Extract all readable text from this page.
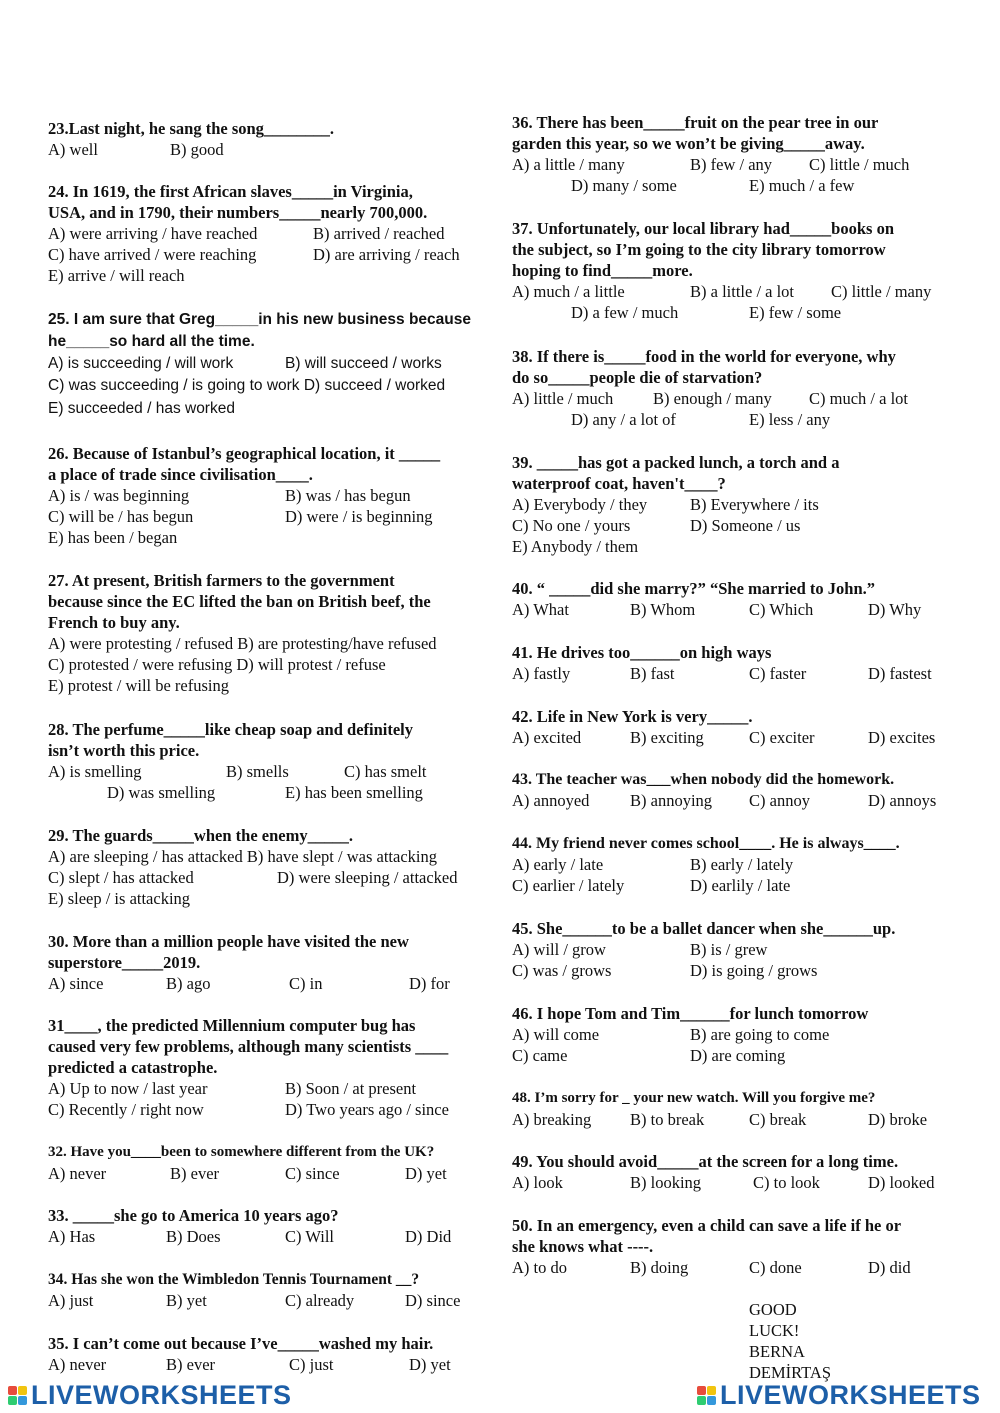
23.Last night, he sang the song________.
A) well	B) good
24. In 1619, the first African slaves_____in Virginia,
USA, and in 1790, their numbers_____nearly 700,000.
A) were arriving / have reached	B) arrived / reached
C) have arrived / were reaching	D) are arriving / reach
E) arrive / will reach
25. I am sure that Greg_____in his new business because
he_____so hard all the time.
A) is succeeding / will work	B) will succeed / works
C) was succeeding / is going to work D) succeed / worked
E) succeeded / has worked
26. Because of Istanbul’s geographical location, it _____
a place of trade since civilisation____.
A) is / was beginning	B) was / has begun
C) will be / has begun	D) were / is beginning
E) has been / began
27. At present, British farmers to the government
because since the EC lifted the ban on British beef, the
French to buy any.
A) were protesting / refused B) are protesting/have refused
C) protested / were refusing D) will protest / refuse
E) protest / will be refusing
28. The perfume_____like cheap soap and definitely
isn’t worth this price.
A) is smelling	B) smells	C) has smelt
D) was smelling	E) has been smelling
29. The guards_____when the enemy_____.
A) are sleeping / has attacked B) have slept / was attacking
C) slept / has attacked	D) were sleeping / attacked
E) sleep / is attacking
30. More than a million people have visited the new
superstore_____2019.
A) since	B) ago	C) in	D) for
31____, the predicted Millennium computer bug has
caused very few problems, although many scientists ____
predicted a catastrophe.
A) Up to now / last year	B) Soon / at present
C) Recently / right now	D) Two years ago / since
32. Have you____been to somewhere different from the UK?
A) never	B) ever	C) since	D) yet
33. _____she go to America 10 years ago?
A) Has	B) Does	C) Will	D) Did
34. Has she won the Wimbledon Tennis Tournament __?
A) just	B) yet	C) already	D) since
35. I can’t come out because I’ve_____washed my hair.
A) never	B) ever	C) just	D) yet
36. There has been_____fruit on the pear tree in our
garden this year, so we won’t be giving_____away.
A) a little / many	B) few / any C) little / much
D) many / some	E) much / a few
37. Unfortunately, our local library had_____books on
the subject, so I’m going to the city library tomorrow
hoping to find_____more.
A) much / a little	B) a little / a lot C) little / many
D) a few / much	E) few / some
38. If there is_____food in the world for everyone, why
do so_____people die of starvation?
A) little / much B) enough / many C) much / a lot
D) any / a lot of	E) less / any
39. _____has got a packed lunch, a torch and a
waterproof coat, haven't____?
A) Everybody / they	B) Everywhere / its
C) No one / yours	D) Someone / us
E) Anybody / them
40. “ _____did she marry?” “She married to John.”
A) What	B) Whom	C) Which	D) Why
41. He drives too______on high ways
A) fastly	B) fast	C) faster	D) fastest
42. Life in New York is very_____.
A) excited	B) exciting	C) exciter	D) excites
43. The teacher was___when nobody did the homework.
A) annoyed B) annoying C) annoy	D) annoys
44. My friend never comes school____. He is always____.
A) early / late	B) early / lately
C) earlier / lately	D) earlily / late
45. She______to be a ballet dancer when she______up.
A) will / grow	B) is / grew
C) was / grows	D) is going / grows
46. I hope Tom and Tim______for lunch tomorrow
A) will come	B) are going to come
C) came	D) are coming
48. I’m sorry for _ your new watch. Will you forgive me?
A) breaking B) to break	C) break	D) broke
49. You should avoid_____at the screen for a long time.
A) look	B) looking	C) to look	D) looked
50. In an emergency, even a child can save a life if he or
she knows what ----.
A) to do	B) doing	C) done	D) did
GOOD LUCK!
BERNA DEMİRTAŞ
LIVEWORKSHEETS	LIVEWORKSHEETS
